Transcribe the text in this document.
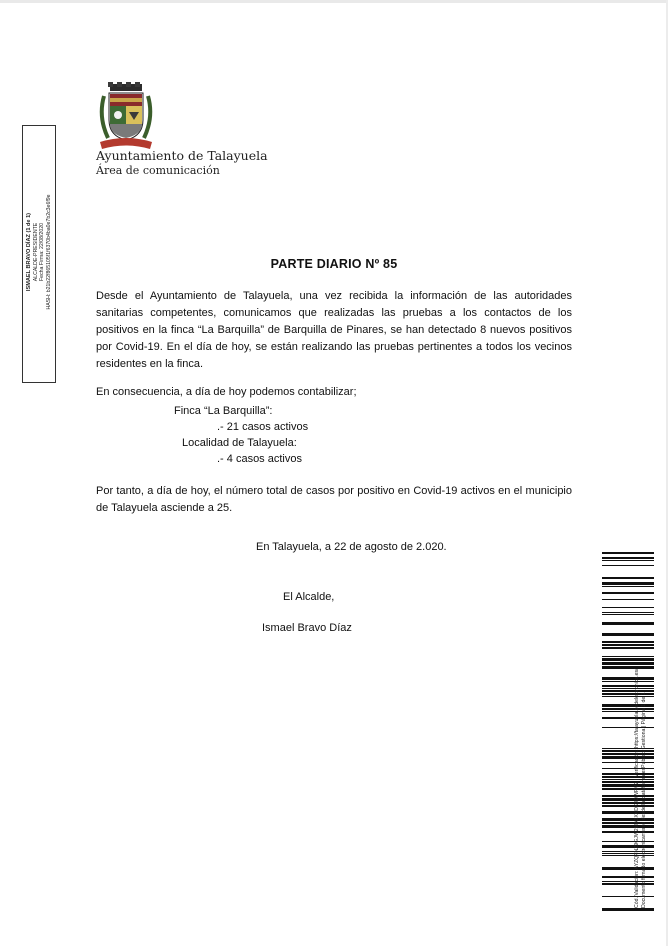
Ayuntamiento de Talayuela
Área de comunicación
ISMAEL BRAVO DÍAZ (1 de 1) ALCALDE-PRESIDENTE Fecha Firma: 22/08/2020 HASH: b21b22f865105f1f6370b4ba0e7b2c3e6f9e	PARTE DIARIO Nº 85

Desde el Ayuntamiento de Talayuela, una vez recibida la información de las autoridades sanitarias competentes, comunicamos que realizadas las pruebas a los contactos de los positivos en la finca “La Barquilla” de Barquilla de Pinares, se han detectado 8 nuevos positivos por Covid-19. En el día de hoy, se están realizando las pruebas pertinentes a todos los vecinos residentes en la finca.

En consecuencia, a día de hoy podemos contabilizar;

Finca “La Barquilla”:
.- 21 casos activos
Localidad de Talayuela:
.- 4 casos activos

Por tanto, a día de hoy, el número total de casos por positivo en Covid-19 activos en el municipio de Talayuela asciende a 25.

En Talayuela, a 22 de agosto de 2.020.
El Alcalde,
Ismael Bravo Díaz
Cód. Validación: AYZQFNZ9GJW2MA3XKDK9DWFM2 | Verificación: https://talayuela.sedelectronica.es/ Documento firmado electrónicamente desde la plataforma esPublico Gestiona | Página 1 de 1
